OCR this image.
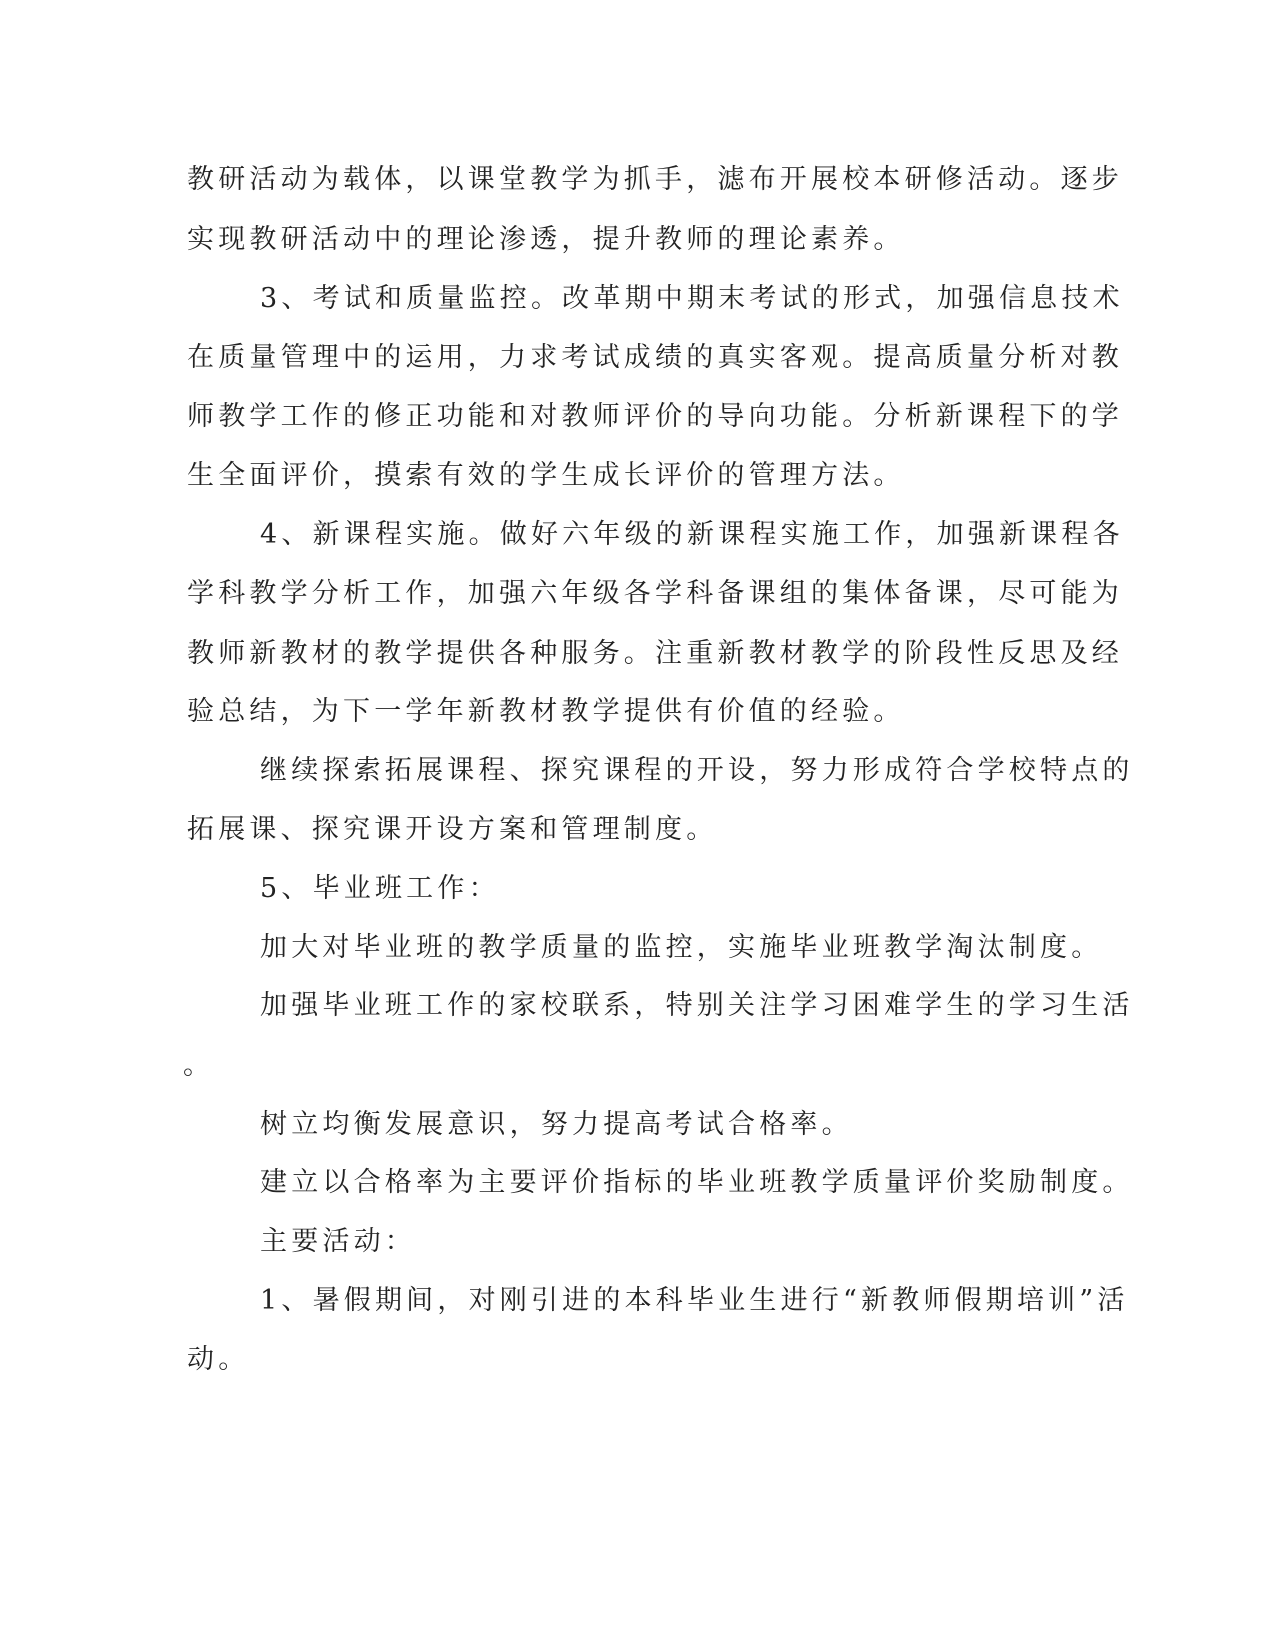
教研活动为载体，以课堂教学为抓手，滤布开展校本研修活动。逐步
实现教研活动中的理论渗透，提升教师的理论素养。
3、考试和质量监控。改革期中期末考试的形式，加强信息技术
在质量管理中的运用，力求考试成绩的真实客观。提高质量分析对教
师教学工作的修正功能和对教师评价的导向功能。分析新课程下的学
生全面评价，摸索有效的学生成长评价的管理方法。
4、新课程实施。做好六年级的新课程实施工作，加强新课程各
学科教学分析工作，加强六年级各学科备课组的集体备课，尽可能为
教师新教材的教学提供各种服务。注重新教材教学的阶段性反思及经
验总结，为下一学年新教材教学提供有价值的经验。
继续探索拓展课程、探究课程的开设，努力形成符合学校特点的
拓展课、探究课开设方案和管理制度。
5、毕业班工作：
加大对毕业班的教学质量的监控，实施毕业班教学淘汰制度。
加强毕业班工作的家校联系，特别关注学习困难学生的学习生活
。
树立均衡发展意识，努力提高考试合格率。
建立以合格率为主要评价指标的毕业班教学质量评价奖励制度。
主要活动：
1、暑假期间，对刚引进的本科毕业生进行“新教师假期培训”活
动。
